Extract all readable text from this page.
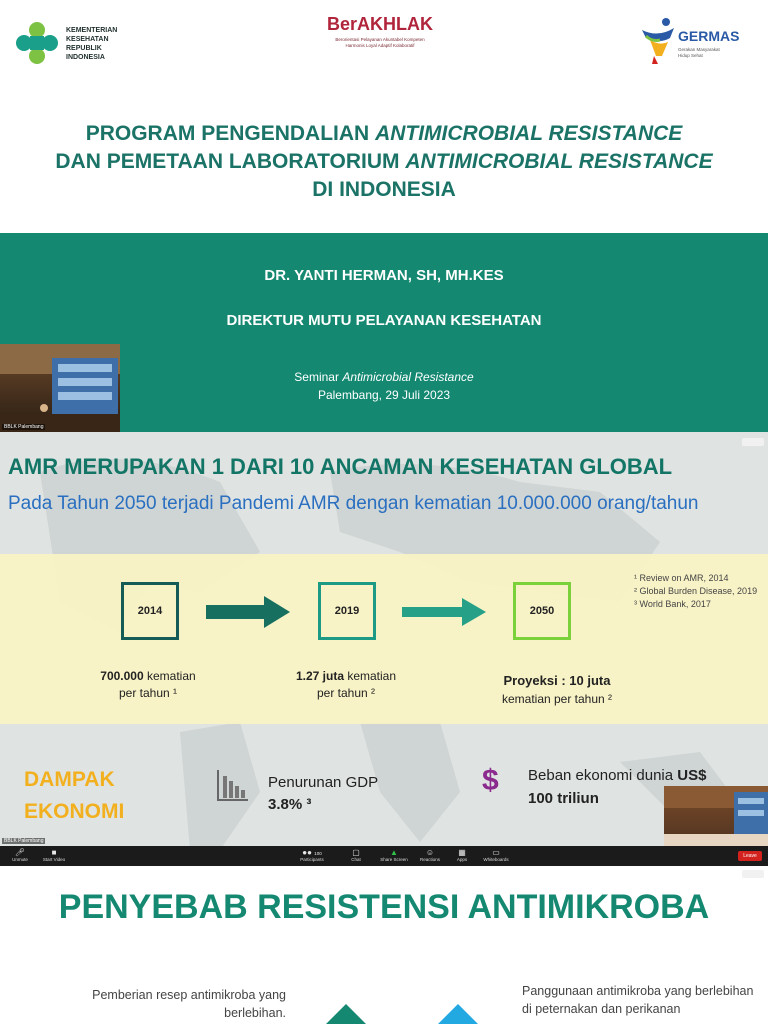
KEMENTERIAN
KESEHATAN
REPUBLIK
INDONESIA
BerAKHLAK
Berorientasi Pelayanan Akuntabel Kompeten
Harmonis Loyal Adaptif Kolaboratif
GERMAS
Gerakan Masyarakat
Hidup Sehat
PROGRAM PENGENDALIAN ANTIMICROBIAL RESISTANCE
DAN PEMETAAN LABORATORIUM ANTIMICROBIAL RESISTANCE
DI INDONESIA
DR. YANTI HERMAN, SH, MH.KES
DIREKTUR MUTU PELAYANAN KESEHATAN
Seminar Antimicrobial Resistance
Palembang, 29 Juli 2023
BBLK Palembang
AMR MERUPAKAN 1 DARI 10 ANCAMAN KESEHATAN GLOBAL
Pada Tahun 2050 terjadi Pandemi AMR dengan kematian 10.000.000 orang/tahun
2014	2019	2050
¹ Review on AMR, 2014
² Global Burden Disease, 2019
³ World Bank, 2017
700.000 kematian
per tahun ¹
1.27 juta kematian
per tahun ²
Proyeksi : 10 juta
kematian per tahun ²
DAMPAK
EKONOMI
Penurunan GDP
3.8% ³
$ Beban ekonomi dunia US$
100 triliun
BBLK Palembang
🎤︎
Unmute
■
Start Video
●● 100
Participants
▢
Chat
▲
Share Screen
☺
Reactions
▦
Apps
▭
Whiteboards
Leave
PENYEBAB RESISTENSI ANTIMIKROBA
Pemberian resep antimikroba yang berlebihan.
Panggunaan antimikroba yang berlebihan di peternakan dan perikanan
